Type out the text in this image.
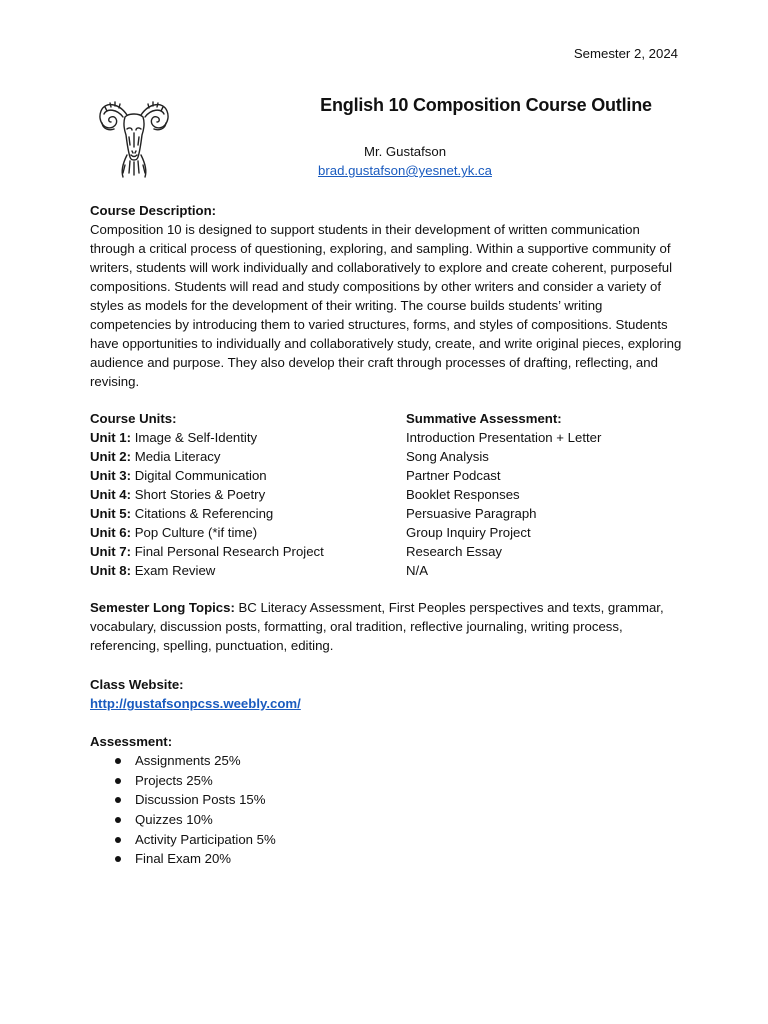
Semester 2, 2024
English 10 Composition Course Outline
Mr. Gustafson
brad.gustafson@yesnet.yk.ca
Course Description:

Composition 10 is designed to support students in their development of written communication through a critical process of questioning, exploring, and sampling. Within a supportive community of writers, students will work individually and collaboratively to explore and create coherent, purposeful compositions. Students will read and study compositions by other writers and consider a variety of styles as models for the development of their writing. The course builds students’ writing competencies by introducing them to varied structures, forms, and styles of compositions. Students have opportunities to individually and collaboratively study, create, and write original pieces, exploring audience and purpose. They also develop their craft through processes of drafting, reflecting, and revising.

Course Units:	Summative Assessment:
Unit 1: Image & Self-Identity	Introduction Presentation + Letter
Unit 2: Media Literacy	Song Analysis
Unit 3: Digital Communication	Partner Podcast
Unit 4: Short Stories & Poetry	Booklet Responses
Unit 5: Citations & Referencing	Persuasive Paragraph
Unit 6: Pop Culture (*if time)	Group Inquiry Project
Unit 7: Final Personal Research Project	Research Essay
Unit 8: Exam Review	N/A
Semester Long Topics: BC Literacy Assessment, First Peoples perspectives and texts, grammar, vocabulary, discussion posts, formatting, oral tradition, reflective journaling, writing process, referencing, spelling, punctuation, editing.
Class Website:
http://gustafsonpcss.weebly.com/
Assessment:
Assignments 25%
Projects 25%
Discussion Posts 15%
Quizzes 10%
Activity Participation 5%
Final Exam 20%
